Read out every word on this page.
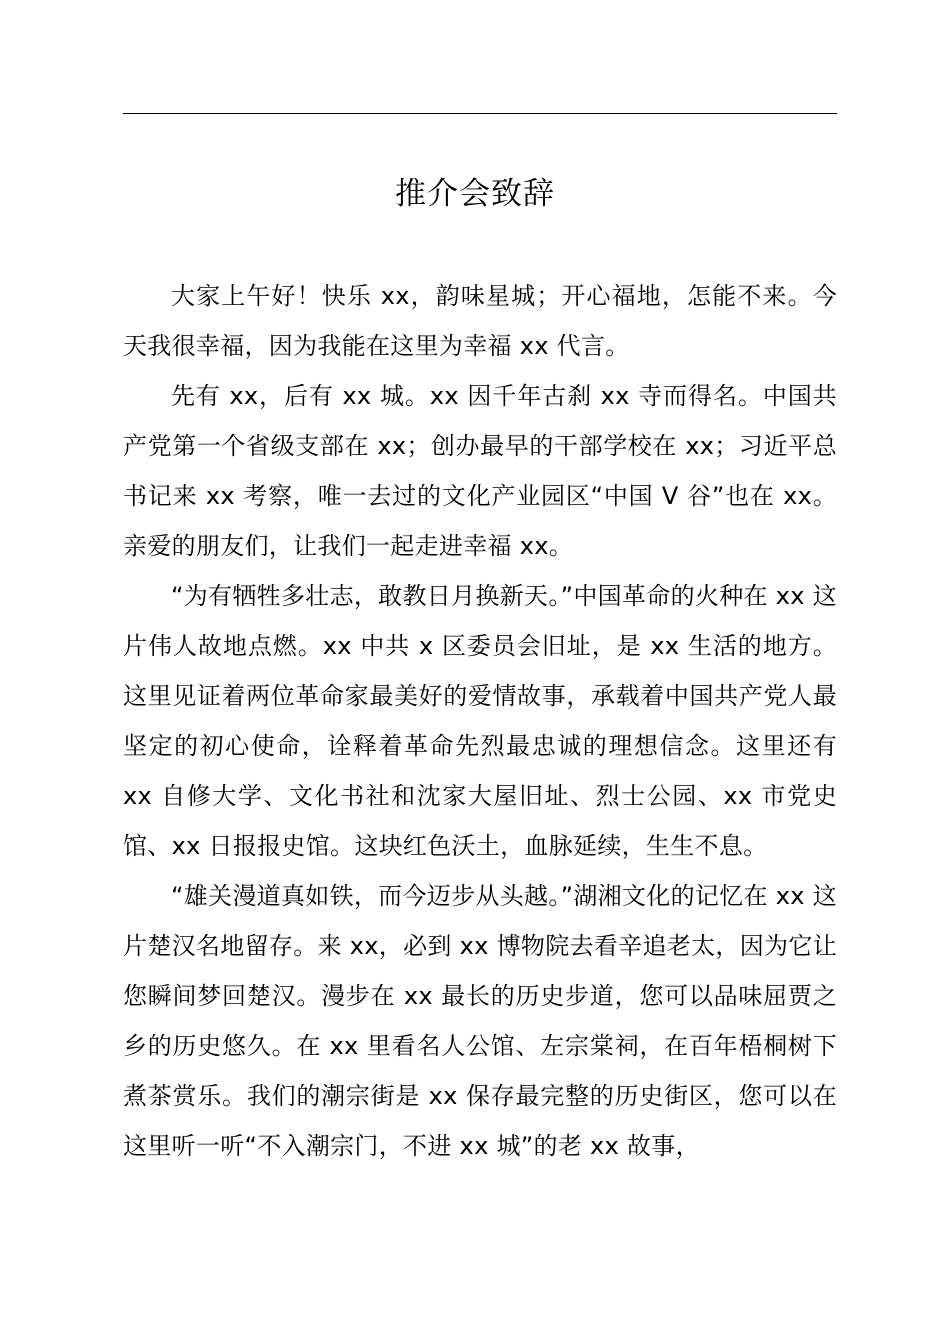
推介会致辞

大家上午好！快乐 xx，韵味星城；开心福地，怎能不来。今天我很幸福，因为我能在这里为幸福 xx 代言。

先有 xx，后有 xx 城。xx 因千年古刹 xx 寺而得名。中国共产党第一个省级支部在 xx；创办最早的干部学校在 xx；习近平总书记来 xx 考察，唯一去过的文化产业园区“中国 V 谷”也在 xx。亲爱的朋友们，让我们一起走进幸福 xx。

“为有牺牲多壮志，敢教日月换新天。”中国革命的火种在 xx 这片伟人故地点燃。xx 中共 x 区委员会旧址，是 xx 生活的地方。这里见证着两位革命家最美好的爱情故事，承载着中国共产党人最坚定的初心使命，诠释着革命先烈最忠诚的理想信念。这里还有 xx 自修大学、文化书社和沈家大屋旧址、烈士公园、xx 市党史馆、xx 日报报史馆。这块红色沃土，血脉延续，生生不息。

“雄关漫道真如铁，而今迈步从头越。”湖湘文化的记忆在 xx 这片楚汉名地留存。来 xx，必到 xx 博物院去看辛追老太，因为它让您瞬间梦回楚汉。漫步在 xx 最长的历史步道，您可以品味屈贾之乡的历史悠久。在 xx 里看名人公馆、左宗棠祠，在百年梧桐树下煮茶赏乐。我们的潮宗街是 xx 保存最完整的历史街区，您可以在这里听一听“不入潮宗门，不进 xx 城”的老 xx 故事，
